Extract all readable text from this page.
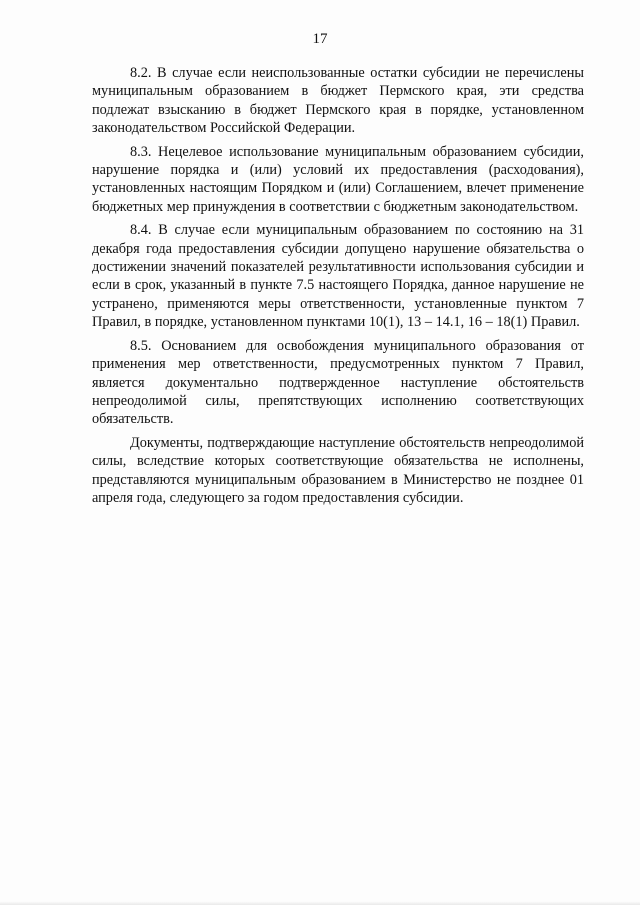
17

8.2. В случае если неиспользованные остатки субсидии не перечислены муниципальным образованием в бюджет Пермского края, эти средства подлежат взысканию в бюджет Пермского края в порядке, установленном законодательством Российской Федерации.

8.3. Нецелевое использование муниципальным образованием субсидии, нарушение порядка и (или) условий их предоставления (расходования), установленных настоящим Порядком и (или) Соглашением, влечет применение бюджетных мер принуждения в соответствии с бюджетным законодательством.

8.4. В случае если муниципальным образованием по состоянию на 31 декабря года предоставления субсидии допущено нарушение обязательства о достижении значений показателей результативности использования субсидии и если в срок, указанный в пункте 7.5 настоящего Порядка, данное нарушение не устранено, применяются меры ответственности, установленные пунктом 7 Правил, в порядке, установленном пунктами 10(1), 13 – 14.1, 16 – 18(1) Правил.

8.5. Основанием для освобождения муниципального образования от применения мер ответственности, предусмотренных пунктом 7 Правил, является документально подтвержденное наступление обстоятельств непреодолимой силы, препятствующих исполнению соответствующих обязательств.

Документы, подтверждающие наступление обстоятельств непреодолимой силы, вследствие которых соответствующие обязательства не исполнены, представляются муниципальным образованием в Министерство не позднее 01 апреля года, следующего за годом предоставления субсидии.
